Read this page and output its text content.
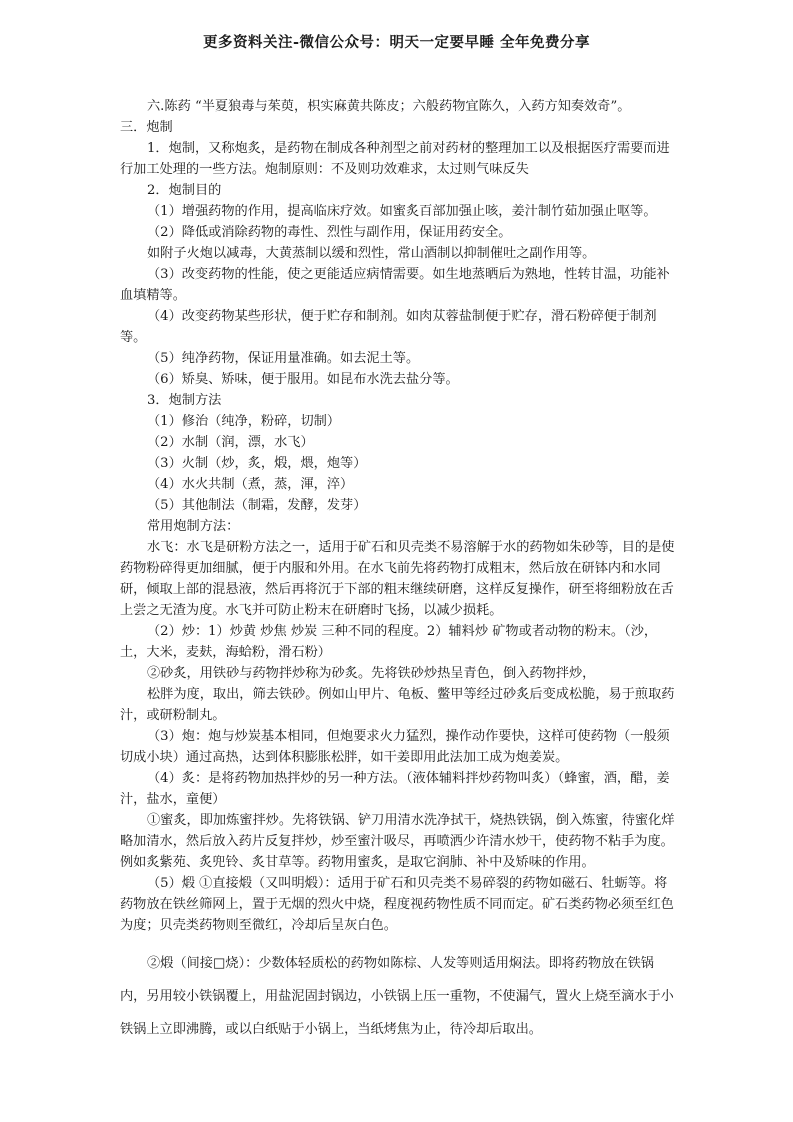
更多资料关注-微信公众号：明天一定要早睡 全年免费分享

六.陈药 “半夏狼毒与茱萸，枳实麻黄共陈皮；六般药物宜陈久，入药方知奏效奇”。

三．炮制

1．炮制，又称炮炙，是药物在制成各种剂型之前对药材的整理加工以及根据医疗需要而进行加工处理的一些方法。炮制原则：不及则功效难求，太过则气味反失

2．炮制目的

（1）增强药物的作用，提高临床疗效。如蜜炙百部加强止咳，姜汁制竹茹加强止呕等。

（2）降低或消除药物的毒性、烈性与副作用，保证用药安全。

如附子火炮以减毒，大黄蒸制以缓和烈性，常山酒制以抑制催吐之副作用等。

（3）改变药物的性能，使之更能适应病情需要。如生地蒸晒后为熟地，性转甘温，功能补血填精等。

（4）改变药物某些形状，便于贮存和制剂。如肉苁蓉盐制便于贮存，滑石粉碎便于制剂等。

（5）纯净药物，保证用量准确。如去泥土等。

（6）矫臭、矫味，便于服用。如昆布水洗去盐分等。

3．炮制方法

（1）修治（纯净，粉碎，切制）

（2）水制（润，漂，水飞）

（3）火制（炒，炙，煅，煨，炮等）

（4）水火共制（煮，蒸，渾，淬）

（5）其他制法（制霜，发酵，发芽）

常用炮制方法：

水飞：水飞是研粉方法之一，适用于矿石和贝壳类不易溶解于水的药物如朱砂等，目的是使药物粉碎得更加细腻，便于内服和外用。在水飞前先将药物打成粗末，然后放在研钵内和水同研，倾取上部的混悬液，然后再将沉于下部的粗末继续研磨，这样反复操作，研至将细粉放在舌上尝之无渣为度。水飞并可防止粉末在研磨时飞扬，以减少损耗。

（2）炒：1）炒黄 炒焦 炒炭 三种不同的程度。2）辅料炒 矿物或者动物的粉末。（沙，土，大米，麦麸，海蛤粉，滑石粉）

②砂炙，用铁砂与药物拌炒称为砂炙。先将铁砂炒热呈青色，倒入药物拌炒，

松胖为度，取出，筛去铁砂。例如山甲片、龟板、鳖甲等经过砂炙后变成松脆，易于煎取药汁，或研粉制丸。

（3）炮：炮与炒炭基本相同，但炮要求火力猛烈，操作动作要快，这样可使药物（一般须切成小块）通过高热，达到体积膨胀松胖，如干姜即用此法加工成为炮姜炭。

（4）炙：是将药物加热拌炒的另一种方法。（液体辅料拌炒药物叫炙）（蜂蜜，酒，醋，姜汁，盐水，童便）

①蜜炙，即加炼蜜拌炒。先将铁锅、铲刀用清水洗净拭干，烧热铁锅，倒入炼蜜，待蜜化烊略加清水，然后放入药片反复拌炒，炒至蜜汁吸尽，再喷洒少许清水炒干，使药物不粘手为度。例如炙紫苑、炙兜铃、炙甘草等。药物用蜜炙，是取它润肺、补中及矫味的作用。

（5）煅 ①直接煅（又叫明煅）：适用于矿石和贝壳类不易碎裂的药物如磁石、牡蛎等。将药物放在铁丝筛网上，置于无烟的烈火中烧，程度视药物性质不同而定。矿石类药物必须至红色为度；贝壳类药物则至微红，冷却后呈灰白色。

②煅（间接□烧）：少数体轻质松的药物如陈棕、人发等则适用焖法。即将药物放在铁锅内，另用较小铁锅覆上，用盐泥固封锅边，小铁锅上压一重物，不使漏气，置火上烧至滴水于小铁锅上立即沸腾，或以白纸贴于小锅上，当纸烤焦为止，待冷却后取出。
